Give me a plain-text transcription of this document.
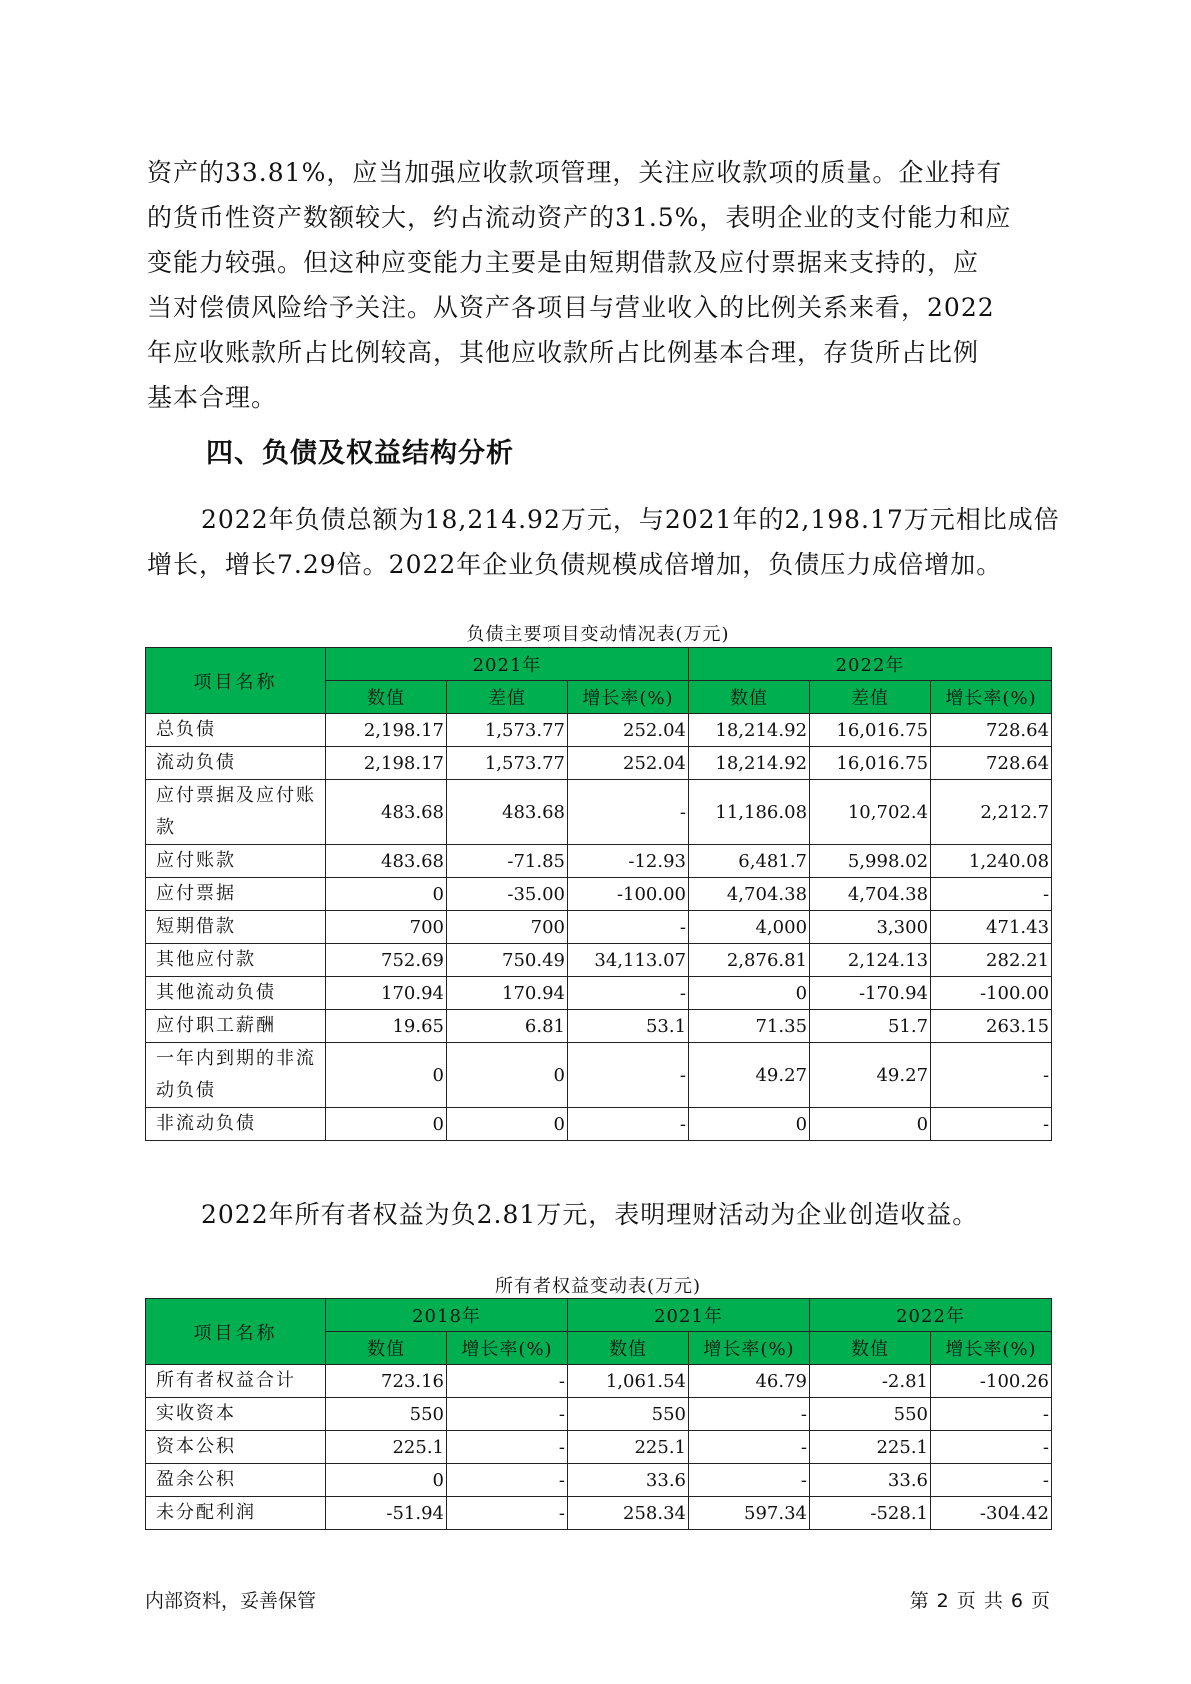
资产的33.81%，应当加强应收款项管理，关注应收款项的质量。企业持有
的货币性资产数额较大，约占流动资产的31.5%，表明企业的支付能力和应
变能力较强。但这种应变能力主要是由短期借款及应付票据来支持的，应
当对偿债风险给予关注。从资产各项目与营业收入的比例关系来看，2022
年应收账款所占比例较高，其他应收款所占比例基本合理，存货所占比例
基本合理。

四、负债及权益结构分析

2022年负债总额为18,214.92万元，与2021年的2,198.17万元相比成倍
增长，增长7.29倍。2022年企业负债规模成倍增加，负债压力成倍增加。

负债主要项目变动情况表(万元)

项目名称	2021年			2022年		
	数值	差值	增长率(%)	数值	差值	增长率(%)
总负债	2,198.17	1,573.77	252.04	18,214.92	16,016.75	728.64
流动负债	2,198.17	1,573.77	252.04	18,214.92	16,016.75	728.64
应付票据及应付账款	483.68	483.68	-	11,186.08	10,702.4	2,212.7
应付账款	483.68	-71.85	-12.93	6,481.7	5,998.02	1,240.08
应付票据	0	-35.00	-100.00	4,704.38	4,704.38	-
短期借款	700	700	-	4,000	3,300	471.43
其他应付款	752.69	750.49	34,113.07	2,876.81	2,124.13	282.21
其他流动负债	170.94	170.94	-	0	-170.94	-100.00
应付职工薪酬	19.65	6.81	53.1	71.35	51.7	263.15
一年内到期的非流动负债	0	0	-	49.27	49.27	-
非流动负债	0	0	-	0	0	-

2022年所有者权益为负2.81万元，表明理财活动为企业创造收益。

所有者权益变动表(万元)

项目名称	2018年		2021年		2022年	
	数值	增长率(%)	数值	增长率(%)	数值	增长率(%)
所有者权益合计	723.16	-	1,061.54	46.79	-2.81	-100.26
实收资本	550	-	550	-	550	-
资本公积	225.1	-	225.1	-	225.1	-
盈余公积	0	-	33.6	-	33.6	-
未分配利润	-51.94	-	258.34	597.34	-528.1	-304.42

内部资料，妥善保管	第 2 页 共 6 页
